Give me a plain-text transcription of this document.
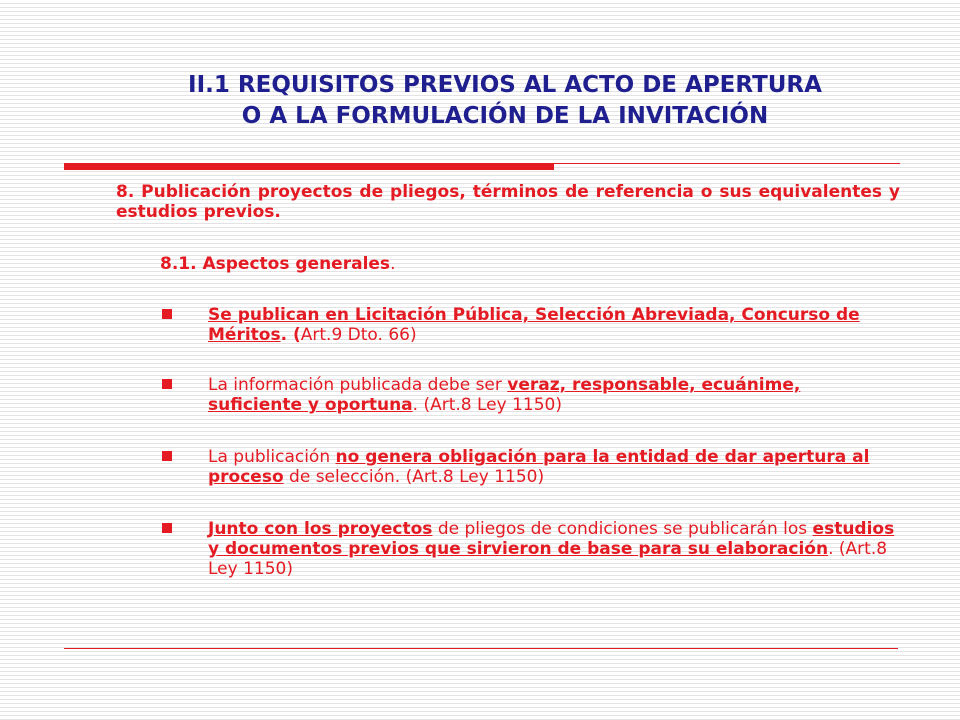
II.1 REQUISITOS PREVIOS AL ACTO DE APERTURA
O A LA FORMULACIÓN DE LA INVITACIÓN

8. Publicación proyectos de pliegos, términos de referencia o sus equivalentes y estudios previos.

8.1. Aspectos generales.

Se publican en Licitación Pública, Selección Abreviada, Concurso de Méritos. (Art.9 Dto. 66)
La información publicada debe ser veraz, responsable, ecuánime, suficiente y oportuna. (Art.8 Ley 1150)
La publicación no genera obligación para la entidad de dar apertura al proceso de selección. (Art.8 Ley 1150)
Junto con los proyectos de pliegos de condiciones se publicarán los estudios y documentos previos que sirvieron de base para su elaboración. (Art.8 Ley 1150)
